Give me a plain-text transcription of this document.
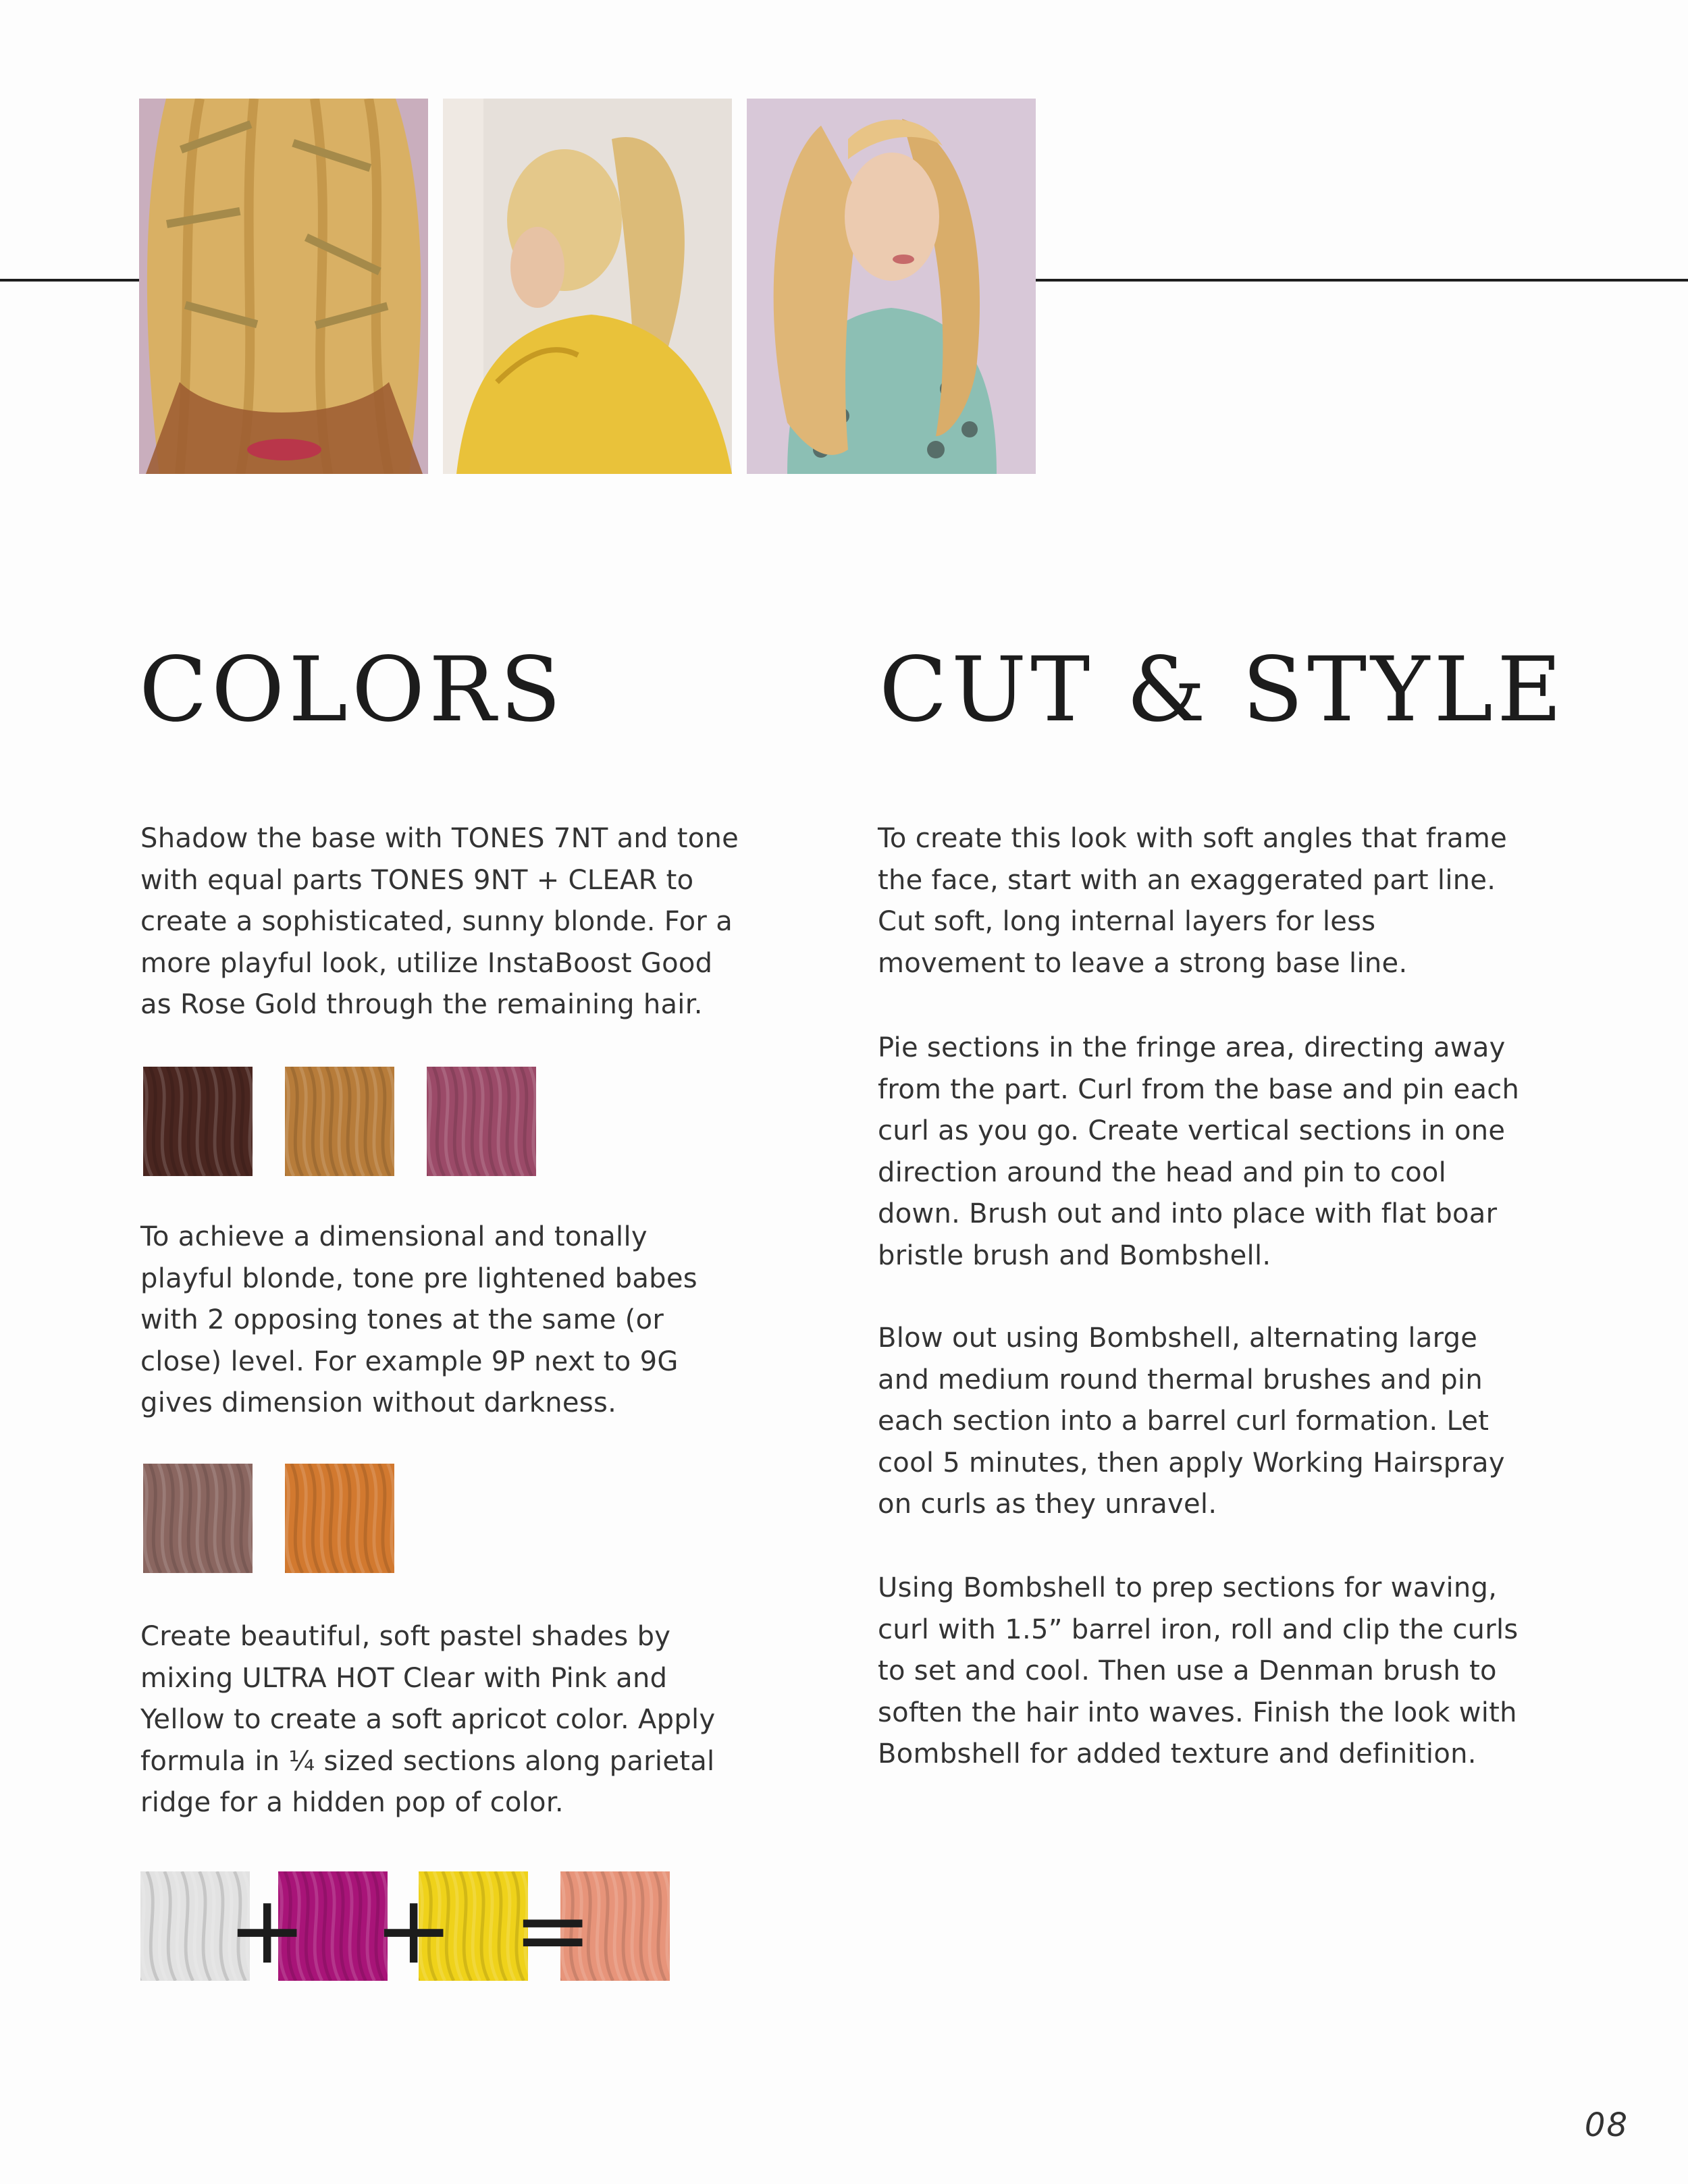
COLORS	CUT & STYLE

Shadow the base with TONES 7NT and tone with equal parts TONES 9NT + CLEAR to create a sophisticated, sunny blonde. For a more playful look, utilize InstaBoost Good as Rose Gold through the remaining hair.

To achieve a dimensional and tonally playful blonde, tone pre lightened babes with 2 opposing tones at the same (or close) level. For example 9P next to 9G gives dimension without darkness.

Create beautiful, soft pastel shades by mixing ULTRA HOT Clear with Pink and Yellow to create a soft apricot color. Apply formula in ¼ sized sections along parietal ridge for a hidden pop of color.

+ + =

To create this look with soft angles that frame the face, start with an exaggerated part line. Cut soft, long internal layers for less movement to leave a strong base line.

Pie sections in the fringe area, directing away from the part. Curl from the base and pin each curl as you go. Create vertical sections in one direction around the head and pin to cool down. Brush out and into place with flat boar bristle brush and Bombshell.

Blow out using Bombshell, alternating large and medium round thermal brushes and pin each section into a barrel curl formation. Let cool 5 minutes, then apply Working Hairspray on curls as they unravel.

Using Bombshell to prep sections for waving, curl with 1.5” barrel iron, roll and clip the curls to set and cool. Then use a Denman brush to soften the hair into waves. Finish the look with Bombshell for added texture and definition.

08
